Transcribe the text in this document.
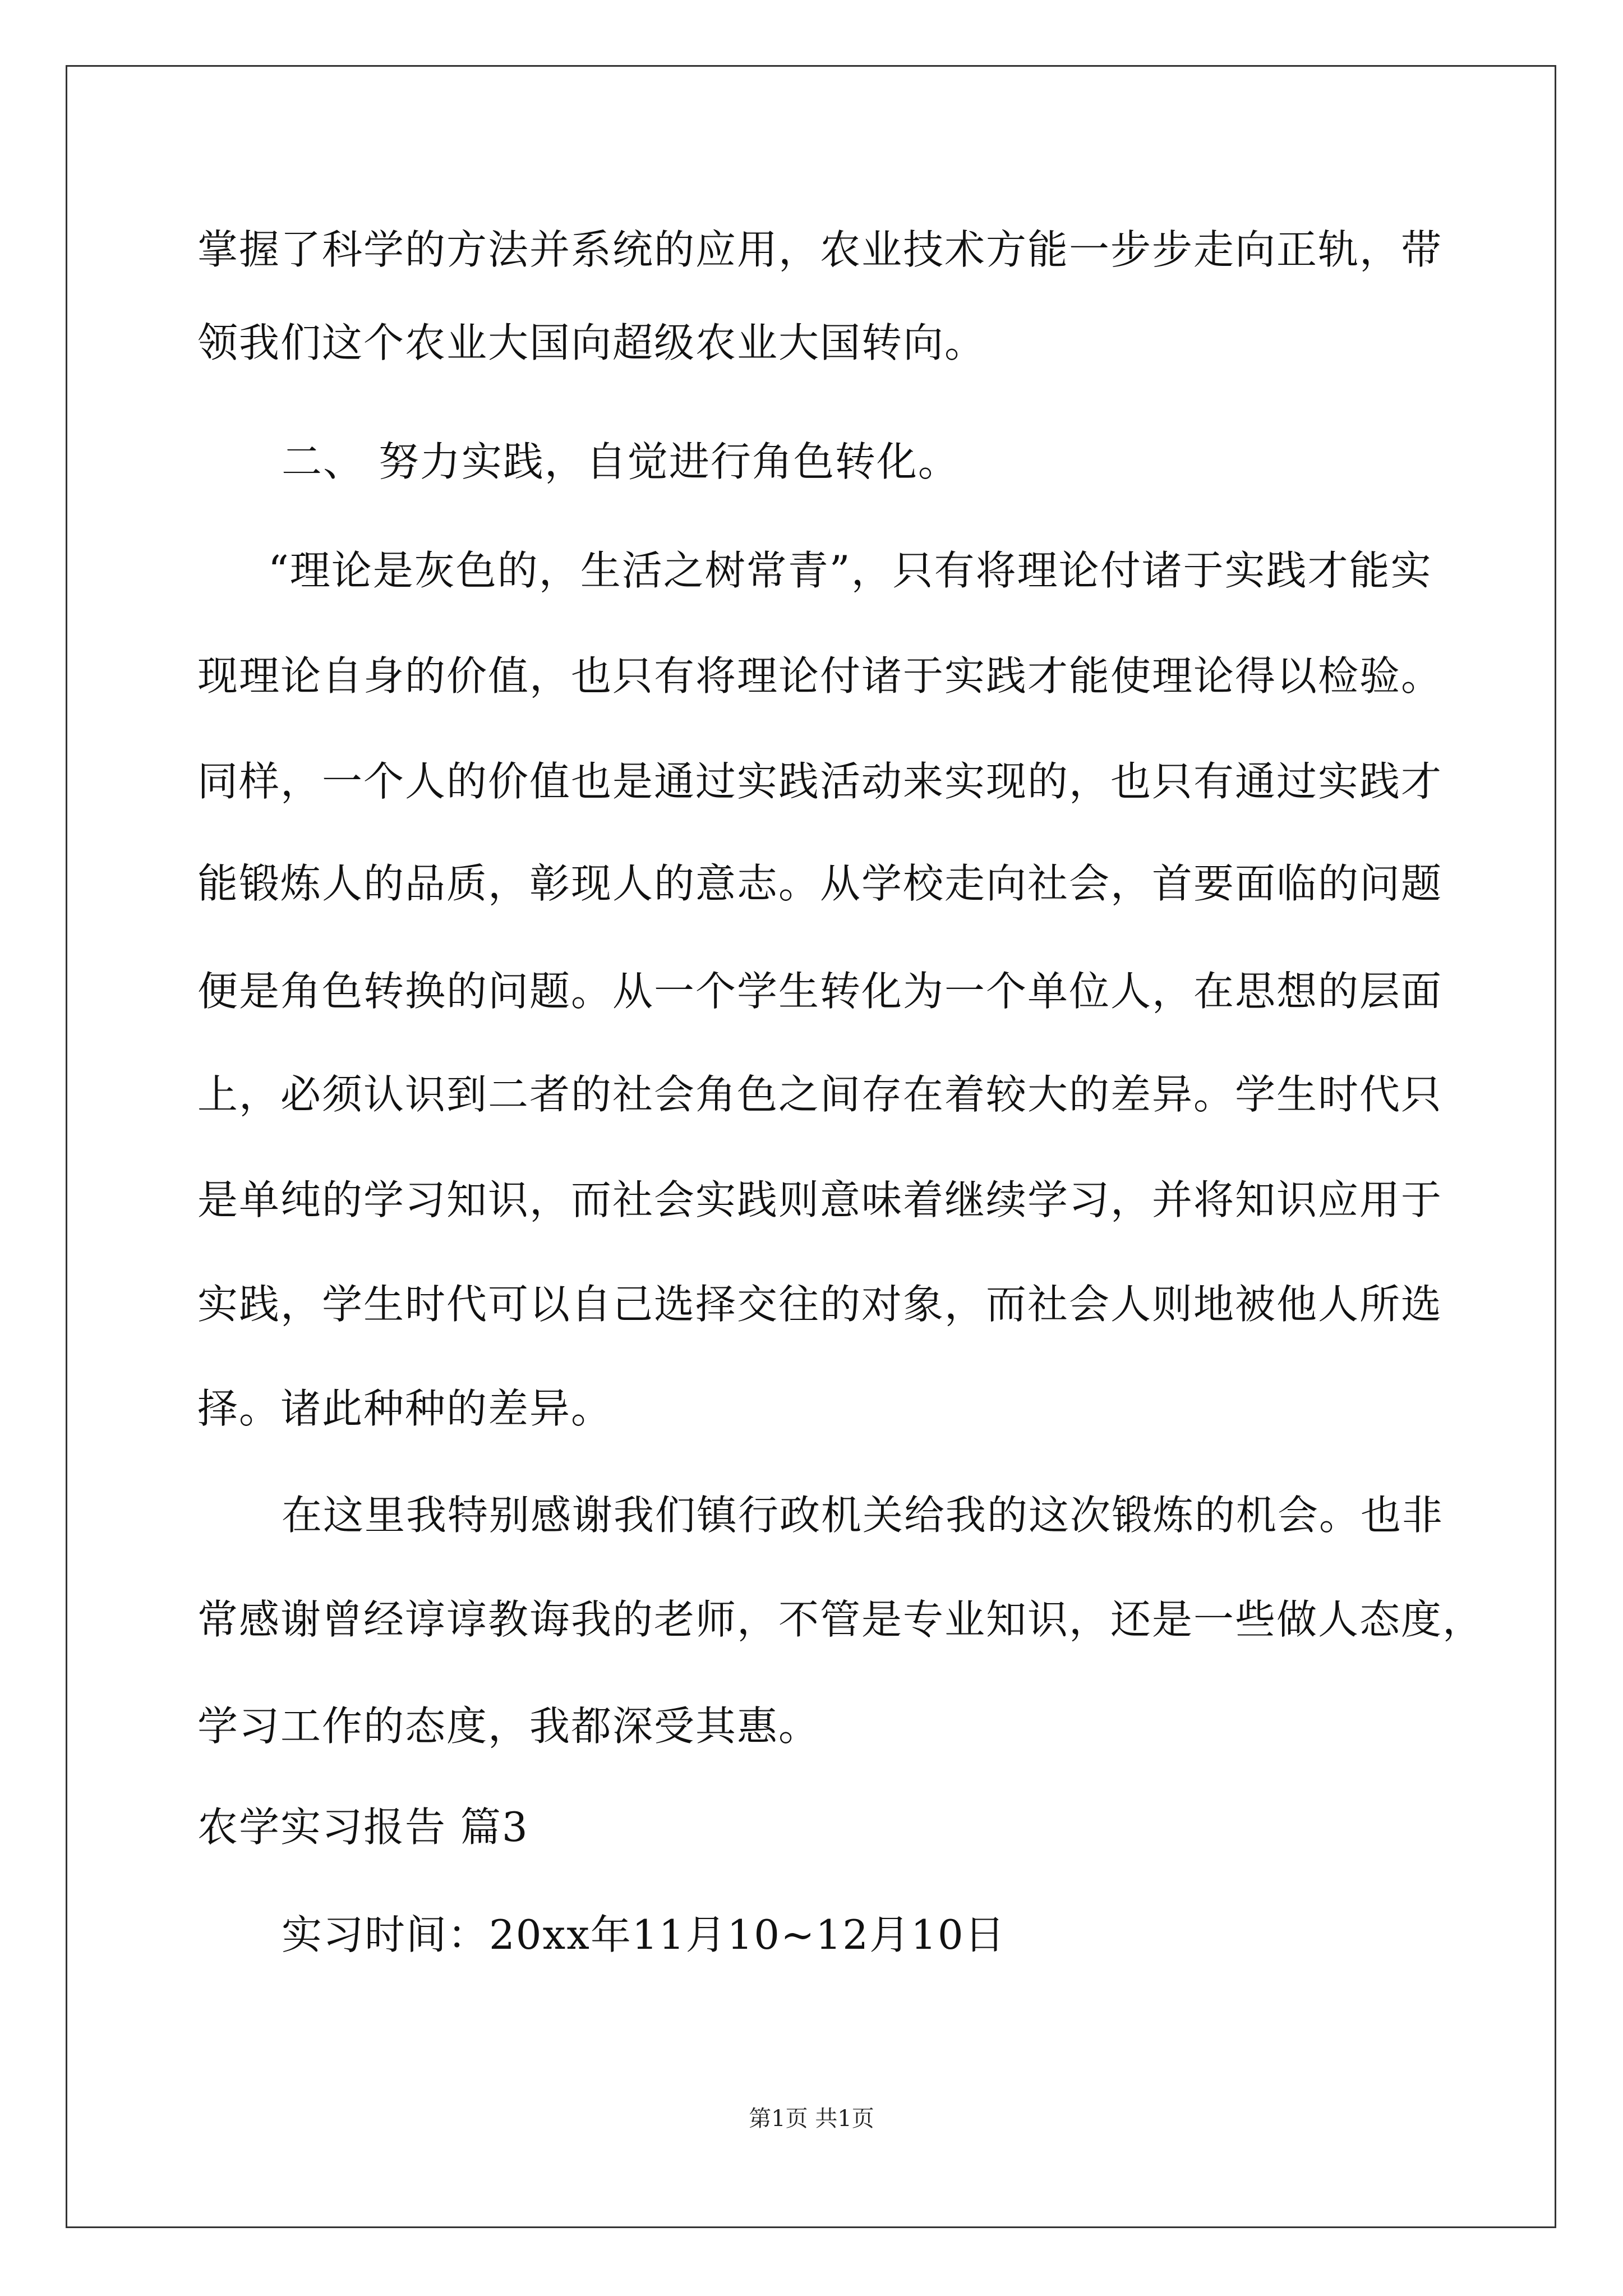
掌握了科学的方法并系统的应用，农业技术方能一步步走向正轨，带
领我们这个农业大国向超级农业大国转向。
二、 努力实践，自觉进行角色转化。
“理论是灰色的，生活之树常青”，只有将理论付诸于实践才能实
现理论自身的价值，也只有将理论付诸于实践才能使理论得以检验。
同样，一个人的价值也是通过实践活动来实现的，也只有通过实践才
能锻炼人的品质，彰现人的意志。从学校走向社会，首要面临的问题
便是角色转换的问题。从一个学生转化为一个单位人，在思想的层面
上，必须认识到二者的社会角色之间存在着较大的差异。学生时代只
是单纯的学习知识，而社会实践则意味着继续学习，并将知识应用于
实践，学生时代可以自己选择交往的对象，而社会人则地被他人所选
择。诸此种种的差异。
在这里我特别感谢我们镇行政机关给我的这次锻炼的机会。也非
常感谢曾经谆谆教诲我的老师，不管是专业知识，还是一些做人态度，
学习工作的态度，我都深受其惠。
农学实习报告 篇3
实习时间：20xx年11月10~12月10日
第1页 共1页
